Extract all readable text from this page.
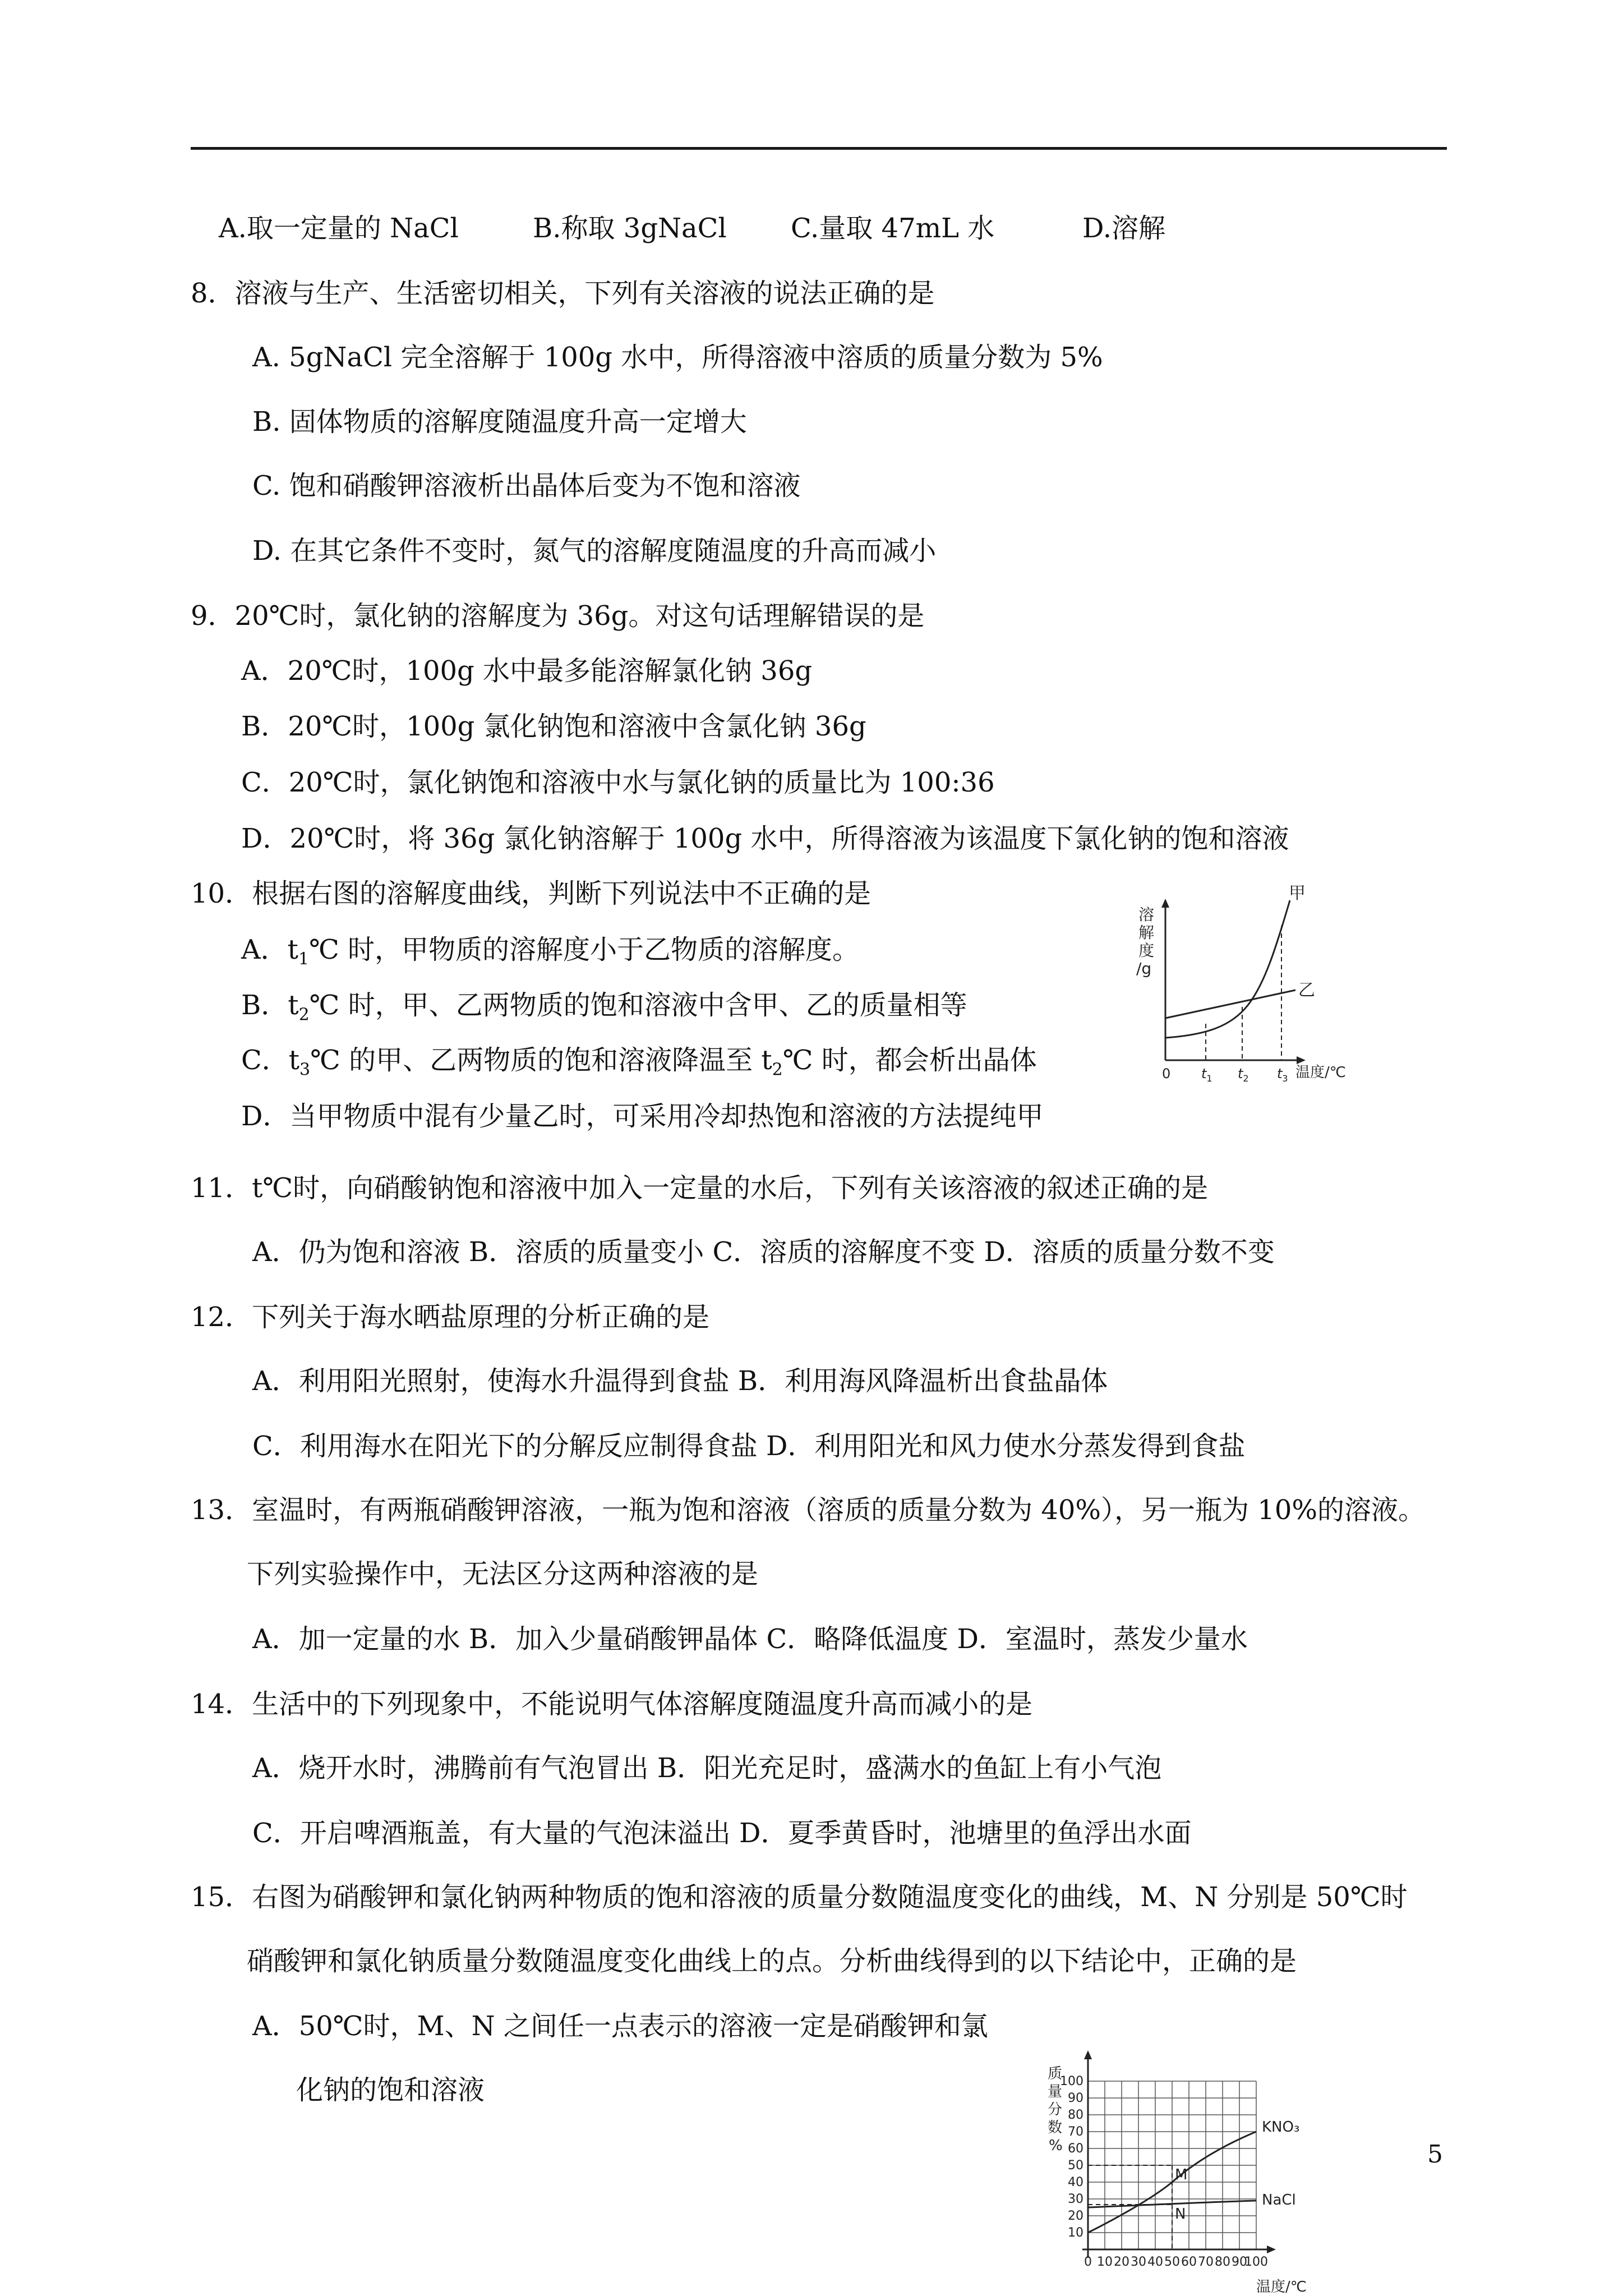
A.取一定量的 NaCl	B.称取 3gNaCl C.量取 47mL 水	D.溶解
8．溶液与生产、生活密切相关，下列有关溶液的说法正确的是
A. 5gNaCl 完全溶解于 100g 水中，所得溶液中溶质的质量分数为 5%
B. 固体物质的溶解度随温度升高一定增大
C. 饱和硝酸钾溶液析出晶体后变为不饱和溶液
D. 在其它条件不变时，氮气的溶解度随温度的升高而减小
9．20℃时，氯化钠的溶解度为 36g。对这句话理解错误的是
A．20℃时，100g 水中最多能溶解氯化钠 36g
B．20℃时，100g 氯化钠饱和溶液中含氯化钠 36g
C．20℃时，氯化钠饱和溶液中水与氯化钠的质量比为 100:36
D．20℃时，将 36g 氯化钠溶解于 100g 水中，所得溶液为该温度下氯化钠的饱和溶液
10．根据右图的溶解度曲线，判断下列说法中不正确的是
A．$t_1℃$ 时，甲物质的溶解度小于乙物质的溶解度。
B．$t_2℃$ 时，甲、乙两物质的饱和溶液中含甲、乙的质量相等
C．$t_3℃$ 的甲、乙两物质的饱和溶液降温至 $t_2℃$ 时，都会析出晶体
D．当甲物质中混有少量乙时，可采用冷却热饱和溶液的方法提纯甲
溶
解
度
/g
0 $t_1$ $t_2$ $t_3$ 温度/℃
甲
乙
11．t℃时，向硝酸钠饱和溶液中加入一定量的水后，下列有关该溶液的叙述正确的是
A．仍为饱和溶液 B．溶质的质量变小 C．溶质的溶解度不变 D．溶质的质量分数不变
12．下列关于海水晒盐原理的分析正确的是
A．利用阳光照射，使海水升温得到食盐 B．利用海风降温析出食盐晶体
C．利用海水在阳光下的分解反应制得食盐 D．利用阳光和风力使水分蒸发得到食盐
13．室温时，有两瓶硝酸钾溶液，一瓶为饱和溶液（溶质的质量分数为 40%），另一瓶为 10%的溶液。
下列实验操作中，无法区分这两种溶液的是
A．加一定量的水 B．加入少量硝酸钾晶体 C．略降低温度 D．室温时，蒸发少量水
14．生活中的下列现象中，不能说明气体溶解度随温度升高而减小的是
A．烧开水时，沸腾前有气泡冒出 B．阳光充足时，盛满水的鱼缸上有小气泡
C．开启啤酒瓶盖，有大量的气泡沫溢出 D．夏季黄昏时，池塘里的鱼浮出水面
15．右图为硝酸钾和氯化钠两种物质的饱和溶液的质量分数随温度变化的曲线，M、N 分别是 50℃时
硝酸钾和氯化钠质量分数随温度变化曲线上的点。分析曲线得到的以下结论中，正确的是
A．50℃时，M、N 之间任一点表示的溶液一定是硝酸钾和氯
化钠的饱和溶液
质
量
分
数
%
10
20
30
40
50
60
70
80
90
100
0 10 20 30 40 50 60 70 80 90
100
温度/℃
M
N
KNO₃
NaCl
5
